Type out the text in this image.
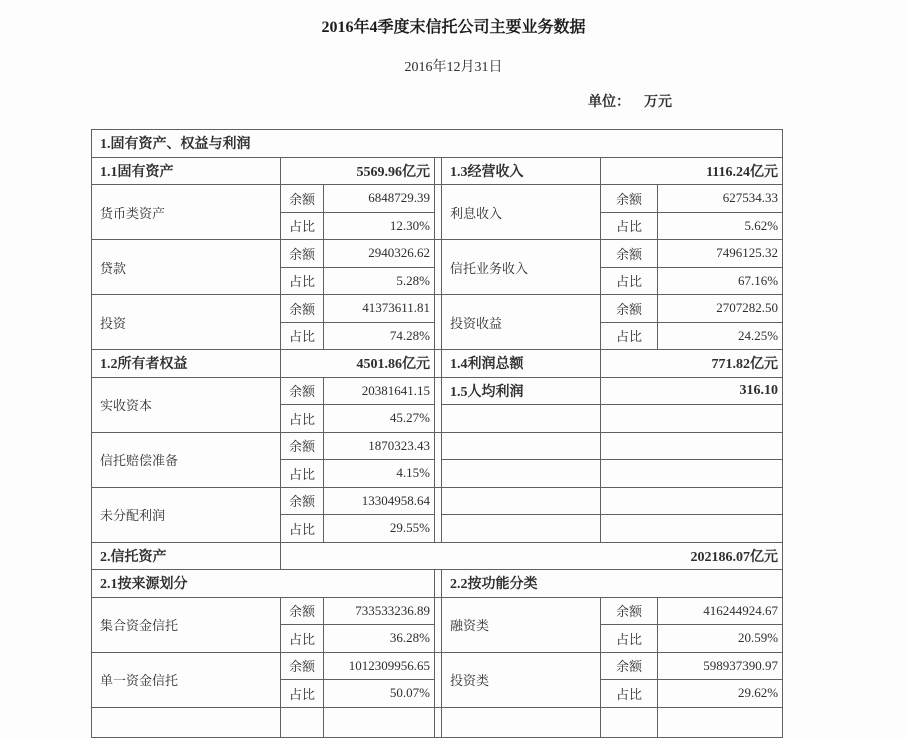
2016年4季度末信托公司主要业务数据
2016年12月31日
单位： 万元
1.固有资产、权益与利润						
1.1固有资产	5569.96亿元			1.3经营收入	1116.24亿元	
货币类资产	余额	6848729.39		利息收入	余额	627534.33
	占比	12.30%			占比	5.62%
贷款	余额	2940326.62		信托业务收入	余额	7496125.32
	占比	5.28%			占比	67.16%
投资	余额	41373611.81		投资收益	余额	2707282.50
	占比	74.28%			占比	24.25%
1.2所有者权益	4501.86亿元			1.4利润总额	771.82亿元	
实收资本	余额	20381641.15		1.5人均利润	316.10	
	占比	45.27%				
信托赔偿准备	余额	1870323.43				
	占比	4.15%				
未分配利润	余额	13304958.64				
	占比	29.55%				
2.信托资产	202186.07亿元					
2.1按来源划分				2.2按功能分类		
集合资金信托	余额	733533236.89		融资类	余额	416244924.67
	占比	36.28%			占比	20.59%
单一资金信托	余额	1012309956.65		投资类	余额	598937390.97
	占比	50.07%			占比	29.62%
